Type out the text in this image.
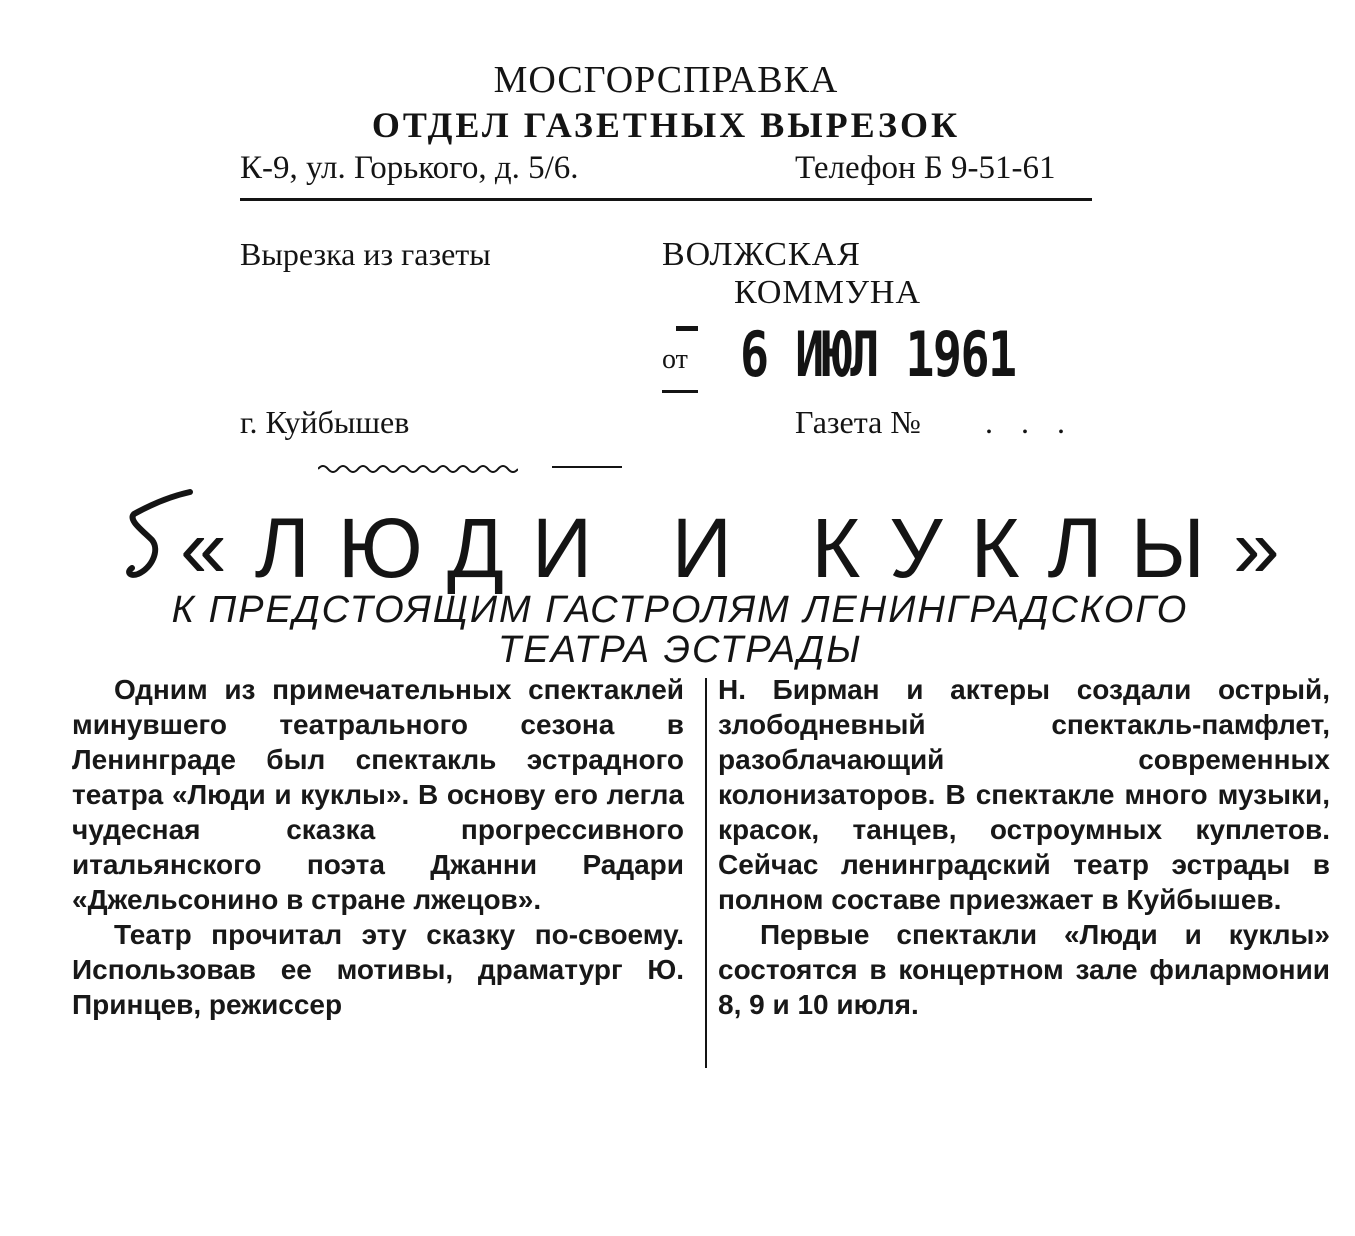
МОСГОРСПРАВКА
ОТДЕЛ ГАЗЕТНЫХ ВЫРЕЗОК
К-9, ул. Горького, д. 5/6.	Телефон Б 9-51-61
Вырезка из газеты	ВОЛЖСКАЯ
КОММУНА
от 6 ИЮЛ 1961
г. Куйбышев	Газета № . . .
«ЛЮДИ И КУКЛЫ»
К ПРЕДСТОЯЩИМ ГАСТРОЛЯМ ЛЕНИНГРАДСКОГО ТЕАТРА ЭСТРАДЫ

Одним из примечательных спектаклей минувшего театрального сезона в Ленинграде был спектакль эстрадного театра «Люди и куклы». В основу его легла чудесная сказка прогрессивного итальянского поэта Джанни Радари «Джельсонино в стране лжецов».

Театр прочитал эту сказку по-своему. Использовав ее мотивы, драматург Ю. Принцев, режиссер

Н. Бирман и актеры создали острый, злободневный спектакль-памфлет, разоблачающий современных колонизаторов. В спектакле много музыки, красок, танцев, остроумных куплетов. Сейчас ленинградский театр эстрады в полном составе приезжает в Куйбышев.

Первые спектакли «Люди и куклы» состоятся в концертном зале филармонии 8, 9 и 10 июля.
